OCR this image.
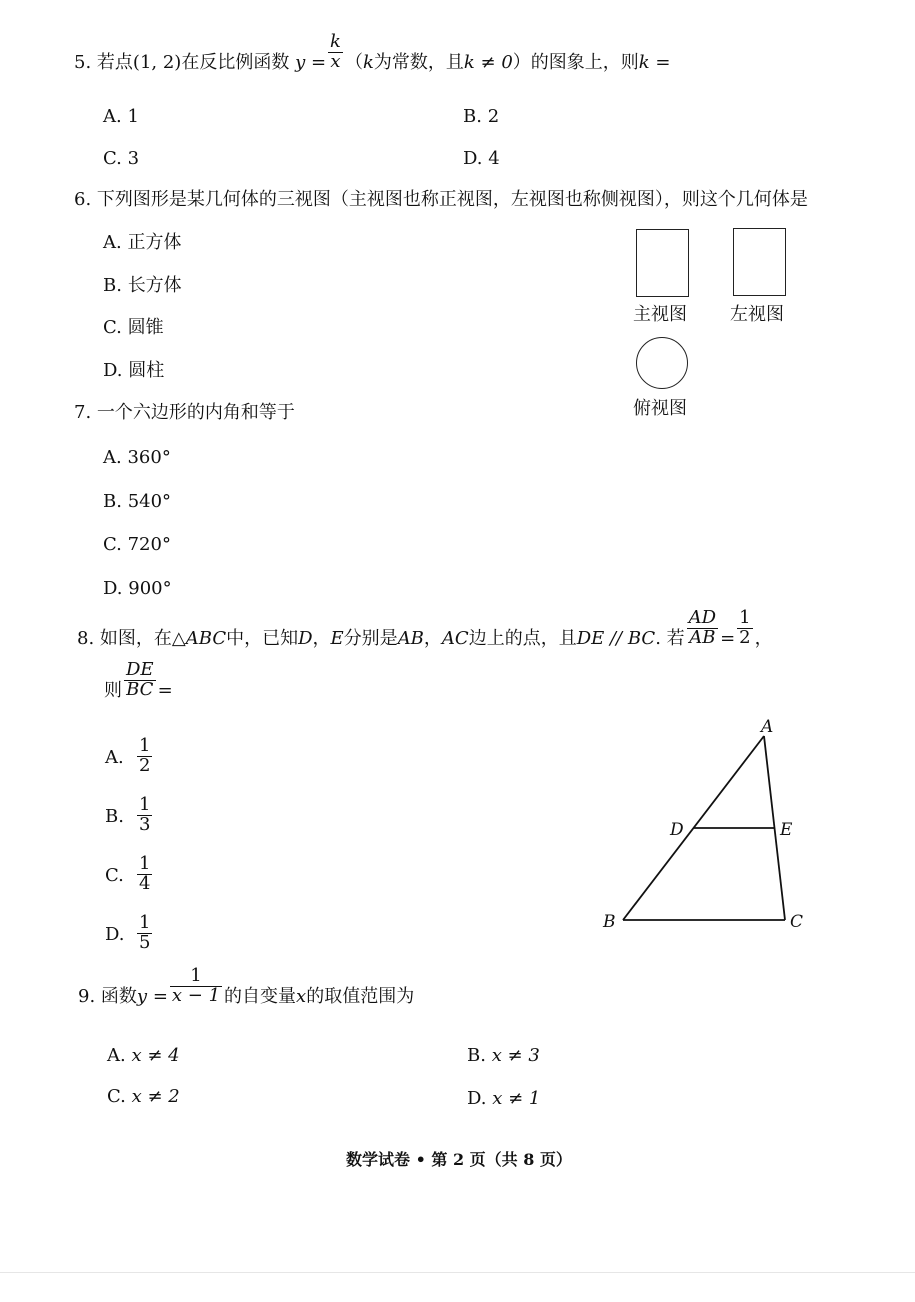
5. 若点(1, 2)在反比例函数 $y = \frac{k}{x} (k$为常数，且k ≠ 0）的图象上，则k =
A. 1	B. 2
C. 3	D. 4
6. 下列图形是某几何体的三视图（主视图也称正视图，左视图也称侧视图），则这个几何体是
A. 正方体
B. 长方体
C. 圆锥
D. 圆柱
主视图 左视图
俯视图
7. 一个六边形的内角和等于
A. 360°
B. 540°
C. 720°
D. 900°
8. 如图，在△ABC中，已知D，E分别是AB，AC边上的点，且DE // BC. 若 $\frac{AD}{AB} = \frac{1}{2}$ ，
则 $\frac{DE}{BC}$ =
A. $\frac{1}{2}$
B. $\frac{1}{3}$
C. $\frac{1}{4}$
D. $\frac{1}{5}$
A
D	E
B	C
9. 函数$y = \frac{1}{x - 1}$ 的自变量x的取值范围为
A. x ≠ 4	B. x ≠ 3
C. x ≠ 2	D. x ≠ 1
数学试卷 • 第 2 页（共 8 页）
